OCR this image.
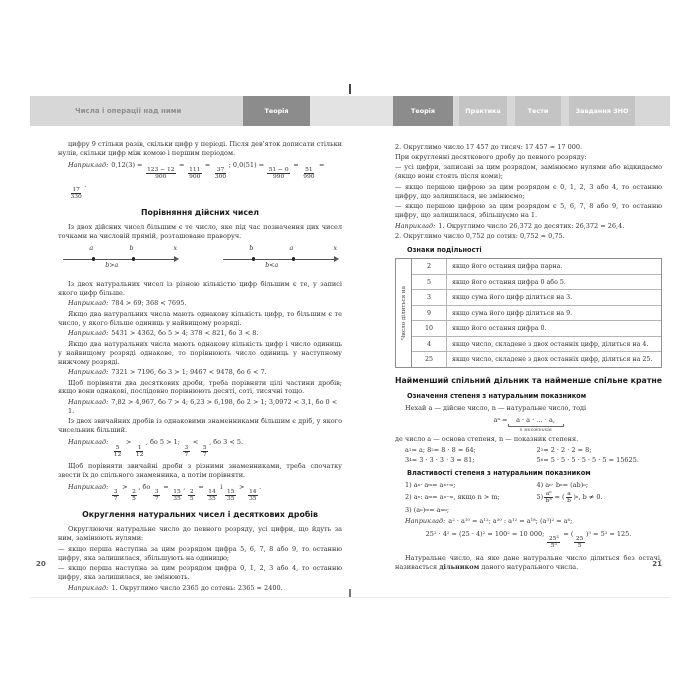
Числа і операції над ними	Теорія	Теорія	Практика	Тести	Завдання ЗНО

цифру 9 стільки разів, скільки цифр у періоді. Після дев’яток дописати стільки нулів, скільки цифр між комою і першим періодом.

Наприклад: 0,12(3) =
$\frac{123 - 12}{900}$
=
$\frac{111}{900}$
=
$\frac{37}{300}$
; 0,0(51) =
$\frac{51 - 0}{990}$
=
$\frac{51}{990}$
=
$\frac{17}{330}$
.

Порівняння дійсних чисел

Із двох дійсних чисел більшим є те число, яке під час позначення цих чисел точками на числовій прямій, розташоване праворуч.

a	b	x
b>a
b	a	x
b<a

Із двох натуральних чисел із різною кількістю цифр більшим є те, у записі якого цифр більше.

Наприклад: 784 > 69; 368 < 7695.

Якщо два натуральних числа мають однакову кількість цифр, то більшим є те число, у якого більше одиниць у найвищому розряді.

Наприклад: 5431 > 4362, бо 5 > 4; 378 < 821, бо 3 < 8.

Якщо два натуральних числа мають однакову кількість цифр і число одиниць у найвищому розряді однакове, то порівнюють число одиниць у наступному нижчому розряді.

Наприклад: 7321 > 7196, бо 3 > 1; 9467 < 9478, бо 6 < 7.

Щоб порівняти два десяткових дроби, треба порівняти цілі частини дробів; якщо вони однакові, послідовно порівнюють десяті, соті, тисячні тощо.

Наприклад: 7,82 > 4,967, бо 7 > 4; 6,23 > 6,198, бо 2 > 1; 3,0972 < 3,1, бо 0 < 1.

Із двох звичайних дробів із однаковими знаменниками більшим є дріб, у якого чисельник більший.

Наприклад:
$\frac{5}{12}$
>
$\frac{1}{12}$
, бо 5 > 1;
$\frac{3}{7}$
<
$\frac{5}{7}$
, бо 3 < 5.

Щоб порівняти звичайні дроби з різними знаменниками, треба спочатку звести їх до спільного знаменника, а потім порівняти.

Наприклад:
$\frac{3}{7}$
>
$\frac{2}{5}$
, бо
$\frac{3}{7}$
=
$\frac{15}{35}$
,
$\frac{2}{5}$
=
$\frac{14}{35}$
і
$\frac{15}{35}$
>
$\frac{14}{35}$
.

Округлення натуральних чисел і десяткових дробів

Округлюючи натуральне число до певного розряду, усі цифри, що йдуть за ним, замінюють нулями:

— якщо перша наступна за цим розрядом цифра 5, 6, 7, 8 або 9, то останню цифру, яка залишилася, збільшують на одиницю;

— якщо перша наступна за цим розрядом цифра 0, 1, 2, 3 або 4, то останню цифру, яка залишилася, не змінюють.

Наприклад: 1. Округлимо число 2365 до сотень: 2365 ≈ 2400.

2. Округлимо число 17 457 до тисяч: 17 457 ≈ 17 000.

При округленні десяткового дробу до певного розряду:

— усі цифри, записані за цим розрядом, замінюємо нулями або відкидаємо (якщо вони стоять після коми);

— якщо першою цифрою за цим розрядом є 0, 1, 2, 3 або 4, то останню цифру, що залишилася, не змінюємо;

— якщо першою цифрою за цим розрядом є 5, 6, 7, 8 або 9, то останню цифру, що залишилася, збільшуємо на 1.

Наприклад: 1. Округлимо число 26,372 до десятих: 26,372 ≈ 26,4.

2. Округлимо число 0,752 до сотих: 0,752 ≈ 0,75.

Ознаки подільності

Число ділиться на
2	якщо його остання цифра парна.
5	якщо його остання цифра 0 або 5.
3	якщо сума його цифр ділиться на 3.
9	якщо сума його цифр ділиться на 9.
10	якщо його остання цифра 0.
4	якщо число, складене з двох останніх цифр, ділиться на 4.
25	якщо число, складене з двох останніх цифр, ділиться на 25.

Найменший спільний дільник та найменше спільне кратне

Означення степеня з натуральним показником

Нехай a — дійсне число, n — натуральне число, тоді

$a^n = a \cdot a$ · … · a,
n множників

де число a — основа степеня, n — показник степеня.

a 1 = a; 8 2 = 8 · 8 = 64;	2 3 = 2 · 2 · 2 = 8;
3 4 = 3 · 3 · 3 · 3 = 81;	5 6 = 5 · 5 · 5 · 5 · 5 · 5 = 15625.

Властивості степеня з натуральним показником

1) a n · a m = a n+m ;	4) a n · b n = (ab) n ;
2) a n : a m = a n−m , якщо n > m;	$5) \frac{\text{aⁿ}}{\text{bⁿ}}$ = ( $\frac{a}{b}$ ) n , b ≠ 0.
3) (a n ) m = a nm ;

Наприклад: $a^2 \cdot a^{10} = a^{12}$; $a^{30}$ : $a^{12} = a^{18}$; $(a^3)^2 = a^6$;

$25^2 \cdot 4^2 = (25 \cdot 4)^2 = 100^2 = 10$ 000;
$\frac{\text{25³}}{\text{5³}}$
= (
$\frac{25}{5}$
)$^3 = 5^3 = 125$.

Натуральне число, на яке дане натуральне число ділиться без остачі, називається дільником даного натурального числа.

20	21
